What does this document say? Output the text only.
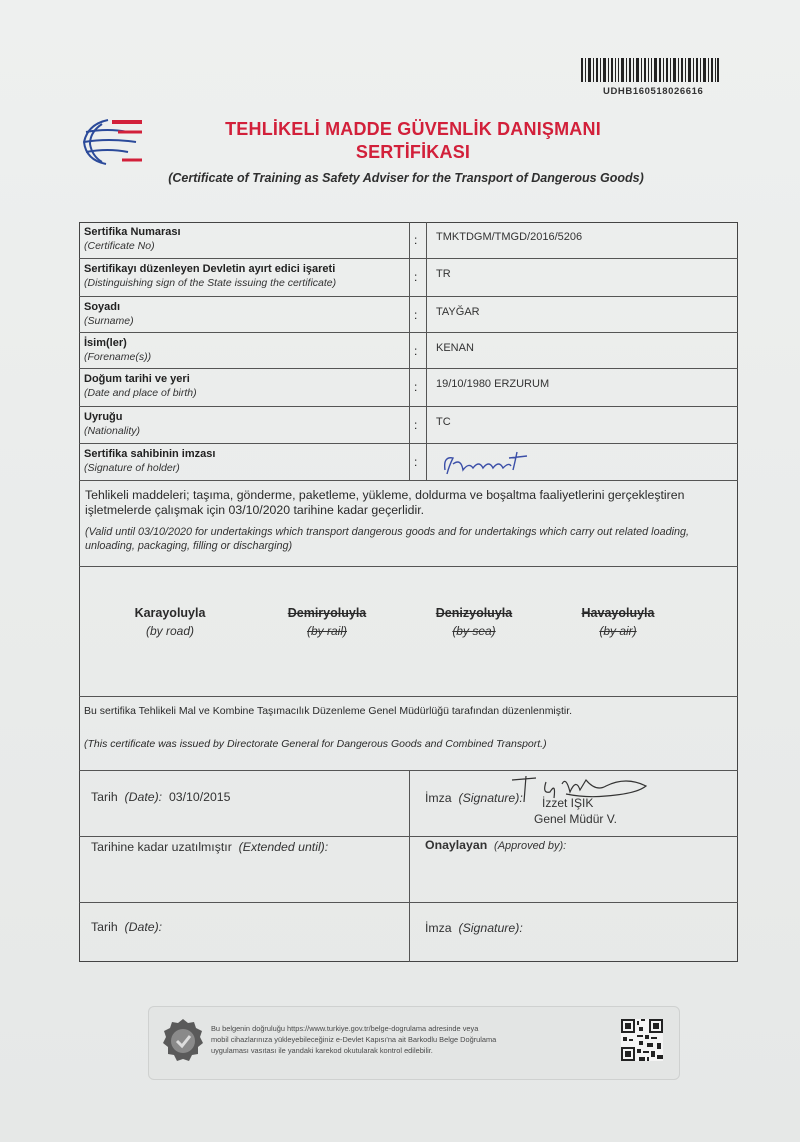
UDHB160518026616
TEHLİKELİ MADDE GÜVENLİK DANIŞMANI
SERTİFİKASI
(Certificate of Training as Safety Adviser for the Transport of Dangerous Goods)
Sertifika Numarası
(Certificate No)	: TMKTDGM/TMGD/2016/5206
Sertifikayı düzenleyen Devletin ayırt edici işareti
(Distinguishing sign of the State issuing the certificate)	: TR
Soyadı
(Surname)	: TAYĞAR
İsim(ler)
(Forename(s))	: KENAN
Doğum tarihi ve yeri
(Date and place of birth)	: 19/10/1980 ERZURUM
Uyruğu
(Nationality)	: TC
Sertifika sahibinin imzası
(Signature of holder)	:
Tehlikeli maddeleri; taşıma, gönderme, paketleme, yükleme, doldurma ve boşaltma faaliyetlerini gerçekleştiren işletmelerde çalışmak için 03/10/2020 tarihine kadar geçerlidir.
(Valid until 03/10/2020 for undertakings which transport dangerous goods and for undertakings which carry out related loading, unloading, packaging, filling or discharging)
Karayoluyla
(by road)
Demiryoluyla
(by rail)
Denizyoluyla
(by sea)
Havayoluyla
(by air)
Bu sertifika Tehlikeli Mal ve Kombine Taşımacılık Düzenleme Genel Müdürlüğü tarafından düzenlenmiştir.
(This certificate was issued by Directorate General for Dangerous Goods and Combined Transport.)
Tarih (Date): 03/10/2015	İmza (Signature): İzzet IŞIK
Genel Müdür V.
Tarihine kadar uzatılmıştır (Extended until):	Onaylayan (Approved by):
Tarih (Date):	İmza (Signature):
Bu belgenin doğruluğu https://www.turkiye.gov.tr/belge-dogrulama adresinde veya
mobil cihazlarınıza yükleyebileceğiniz e-Devlet Kapısı'na ait Barkodlu Belge Doğrulama
uygulaması vasıtası ile yandaki karekod okutularak kontrol edilebilir.
